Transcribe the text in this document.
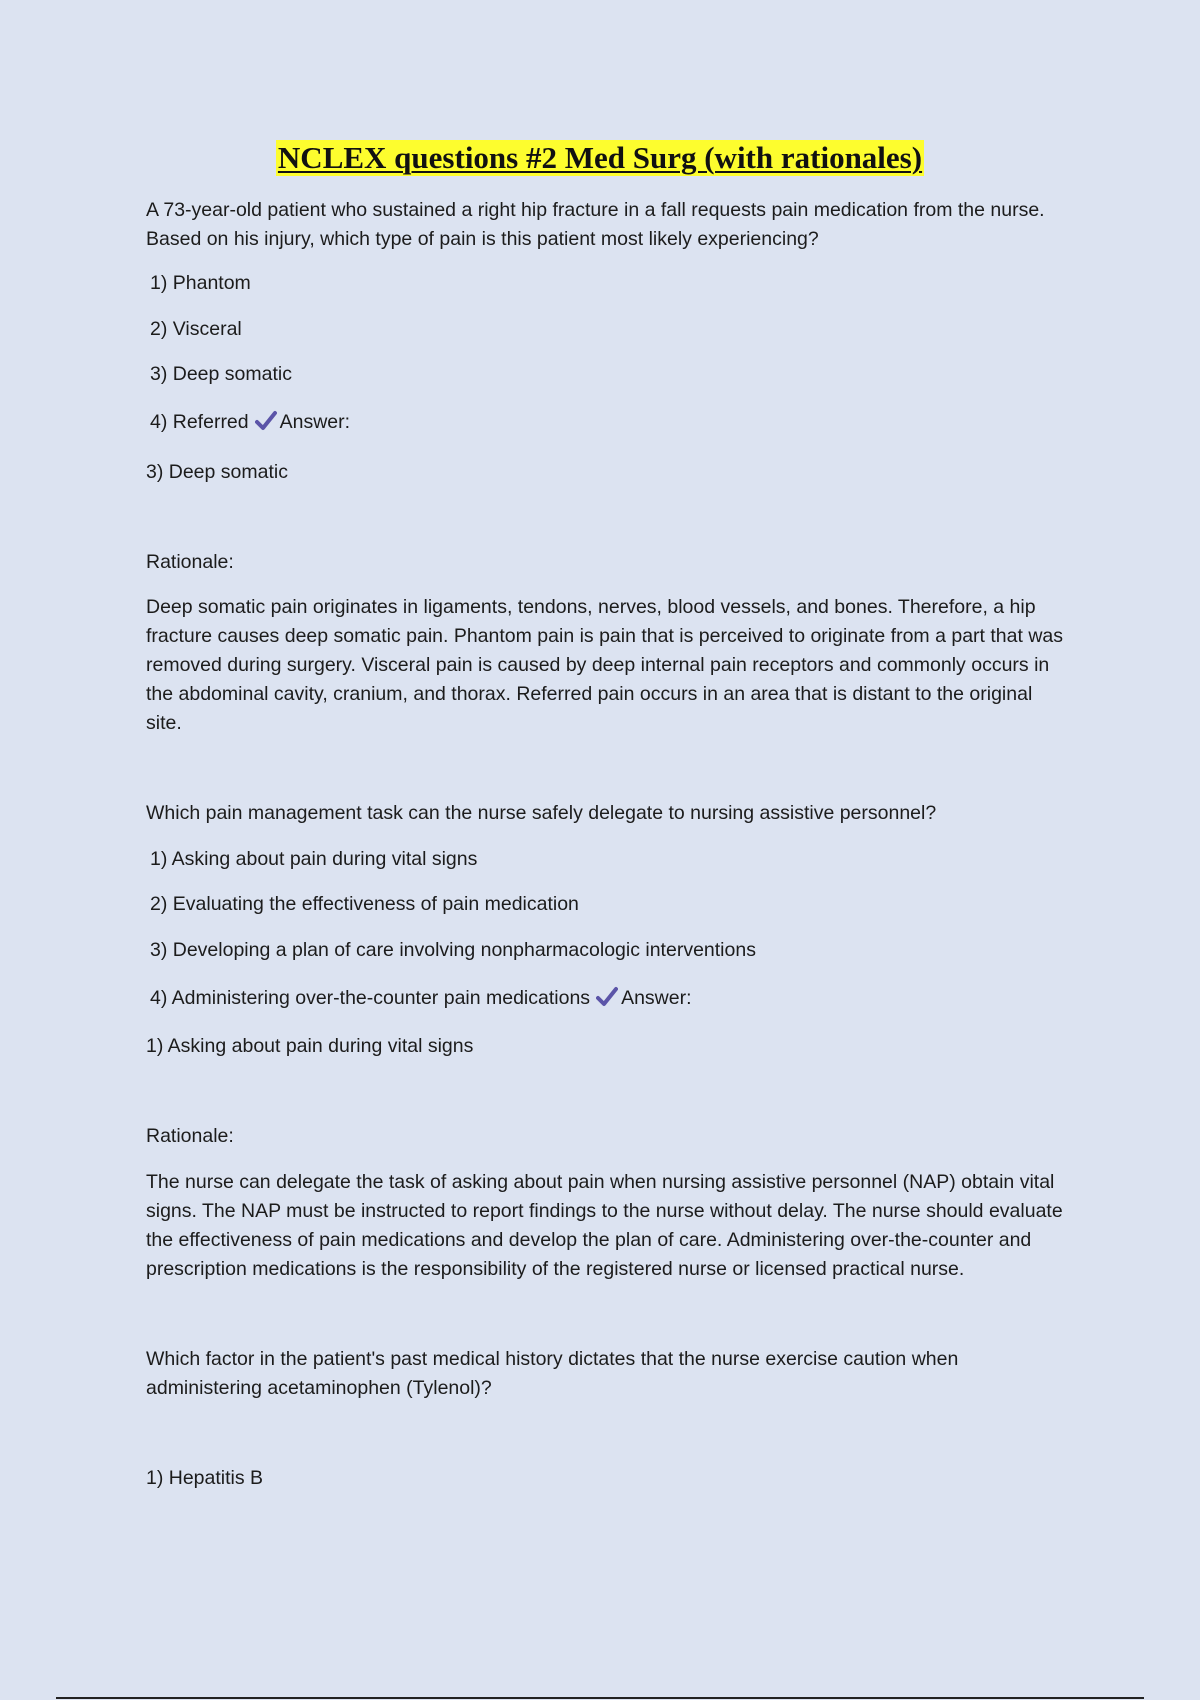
NCLEX questions #2 Med Surg (with rationales)

A 73-year-old patient who sustained a right hip fracture in a fall requests pain medication from the nurse. Based on his injury, which type of pain is this patient most likely experiencing?

1) Phantom

2) Visceral

3) Deep somatic

4) Referred Answer:

3) Deep somatic

Rationale:

Deep somatic pain originates in ligaments, tendons, nerves, blood vessels, and bones. Therefore, a hip fracture causes deep somatic pain. Phantom pain is pain that is perceived to originate from a part that was removed during surgery. Visceral pain is caused by deep internal pain receptors and commonly occurs in the abdominal cavity, cranium, and thorax. Referred pain occurs in an area that is distant to the original site.

Which pain management task can the nurse safely delegate to nursing assistive personnel?

1) Asking about pain during vital signs

2) Evaluating the effectiveness of pain medication

3) Developing a plan of care involving nonpharmacologic interventions

4) Administering over-the-counter pain medications Answer:

1) Asking about pain during vital signs

Rationale:

The nurse can delegate the task of asking about pain when nursing assistive personnel (NAP) obtain vital signs. The NAP must be instructed to report findings to the nurse without delay. The nurse should evaluate the effectiveness of pain medications and develop the plan of care. Administering over-the-counter and prescription medications is the responsibility of the registered nurse or licensed practical nurse.

Which factor in the patient's past medical history dictates that the nurse exercise caution when administering acetaminophen (Tylenol)?

1) Hepatitis B
